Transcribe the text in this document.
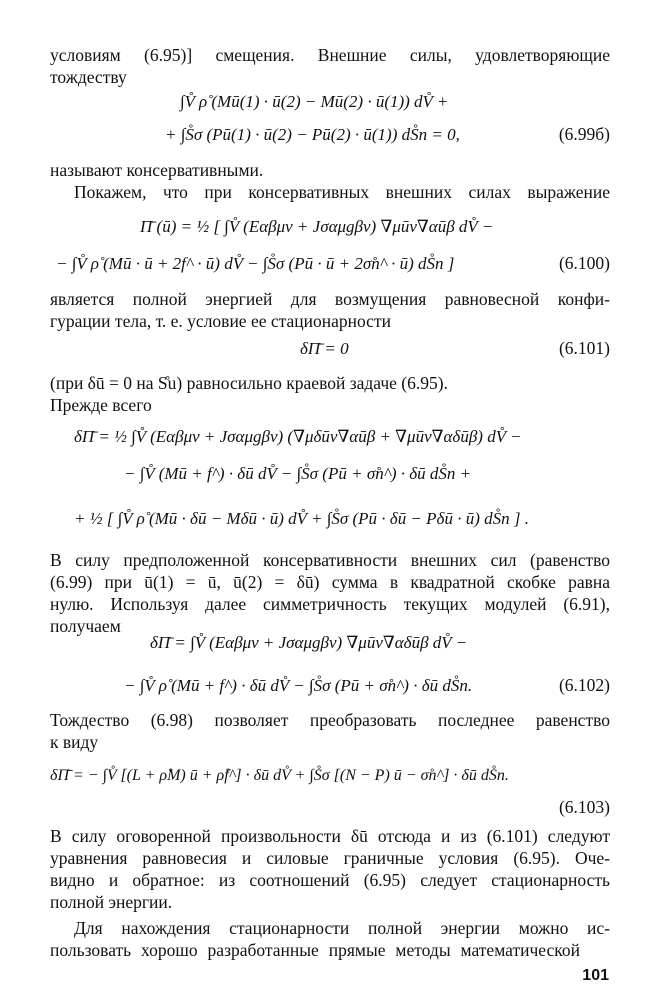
условиям (6.95)] смещения. Внешние силы, удовлетворяющие
тождеству
∫V̊ ρ̊ (Mū(1) · ū(2) − Mū(2) · ū(1)) dV̊ +
+ ∫S̊σ (Pū(1) · ū(2) − Pū(2) · ū(1)) dS̊n = 0,	(6.99б)
называют консервативными.
Покажем, что при консервативных внешних силах выражение
Π̄ (ū) = ½ [ ∫V̊ (Eαβμν + Jσαμgβν) ∇μūν∇αūβ dV̊ −
− ∫V̊ ρ̊ (Mū · ū + 2f^ · ū) dV̊ − ∫S̊σ (Pū · ū + 2σ̊n^ · ū) dS̊n ]	(6.100)
является полной энергией для возмущения равновесной конфи-
гурации тела, т. е. условие ее стационарности
δΠ̄ = 0	(6.101)
(при δū = 0 на S̊u) равносильно краевой задаче (6.95).
Прежде всего
δΠ̄ = ½ ∫V̊ (Eαβμν + Jσαμgβν) (∇μδūν∇αūβ + ∇μūν∇αδūβ) dV̊ −
− ∫V̊ (Mū + f^) · δū dV̊ − ∫S̊σ (Pū + σ̊n^) · δū dS̊n +
+ ½ [ ∫V̊ ρ̊ (Mū · δū − Mδū · ū) dV̊ + ∫S̊σ (Pū · δū − Pδū · ū) dS̊n ] .
В силу предположенной консервативности внешних сил (равенство
(6.99) при ū(1) = ū, ū(2) = δū) сумма в квадратной скобке равна
нулю. Используя далее симметричность текущих модулей (6.91),
получаем
δΠ̄ = ∫V̊ (Eαβμν + Jσαμgβν) ∇μūν∇αδūβ dV̊ −
− ∫V̊ ρ̊ (Mū + f^) · δū dV̊ − ∫S̊σ (Pū + σ̊n^) · δū dS̊n.	(6.102)
Тождество (6.98) позволяет преобразовать последнее равенство
к виду
δΠ̄ = − ∫V̊ [(L + ρ̊M) ū + ρ̊f^] · δū dV̊ + ∫S̊σ [(N − P) ū − σ̊n^] · δū dS̊n.
(6.103)
В силу оговоренной произвольности δū отсюда и из (6.101) следуют
уравнения равновесия и силовые граничные условия (6.95). Оче-
видно и обратное: из соотношений (6.95) следует стационарность
полной энергии.
Для нахождения стационарности полной энергии можно ис-
пользовать хорошо разработанные прямые методы математической
101
